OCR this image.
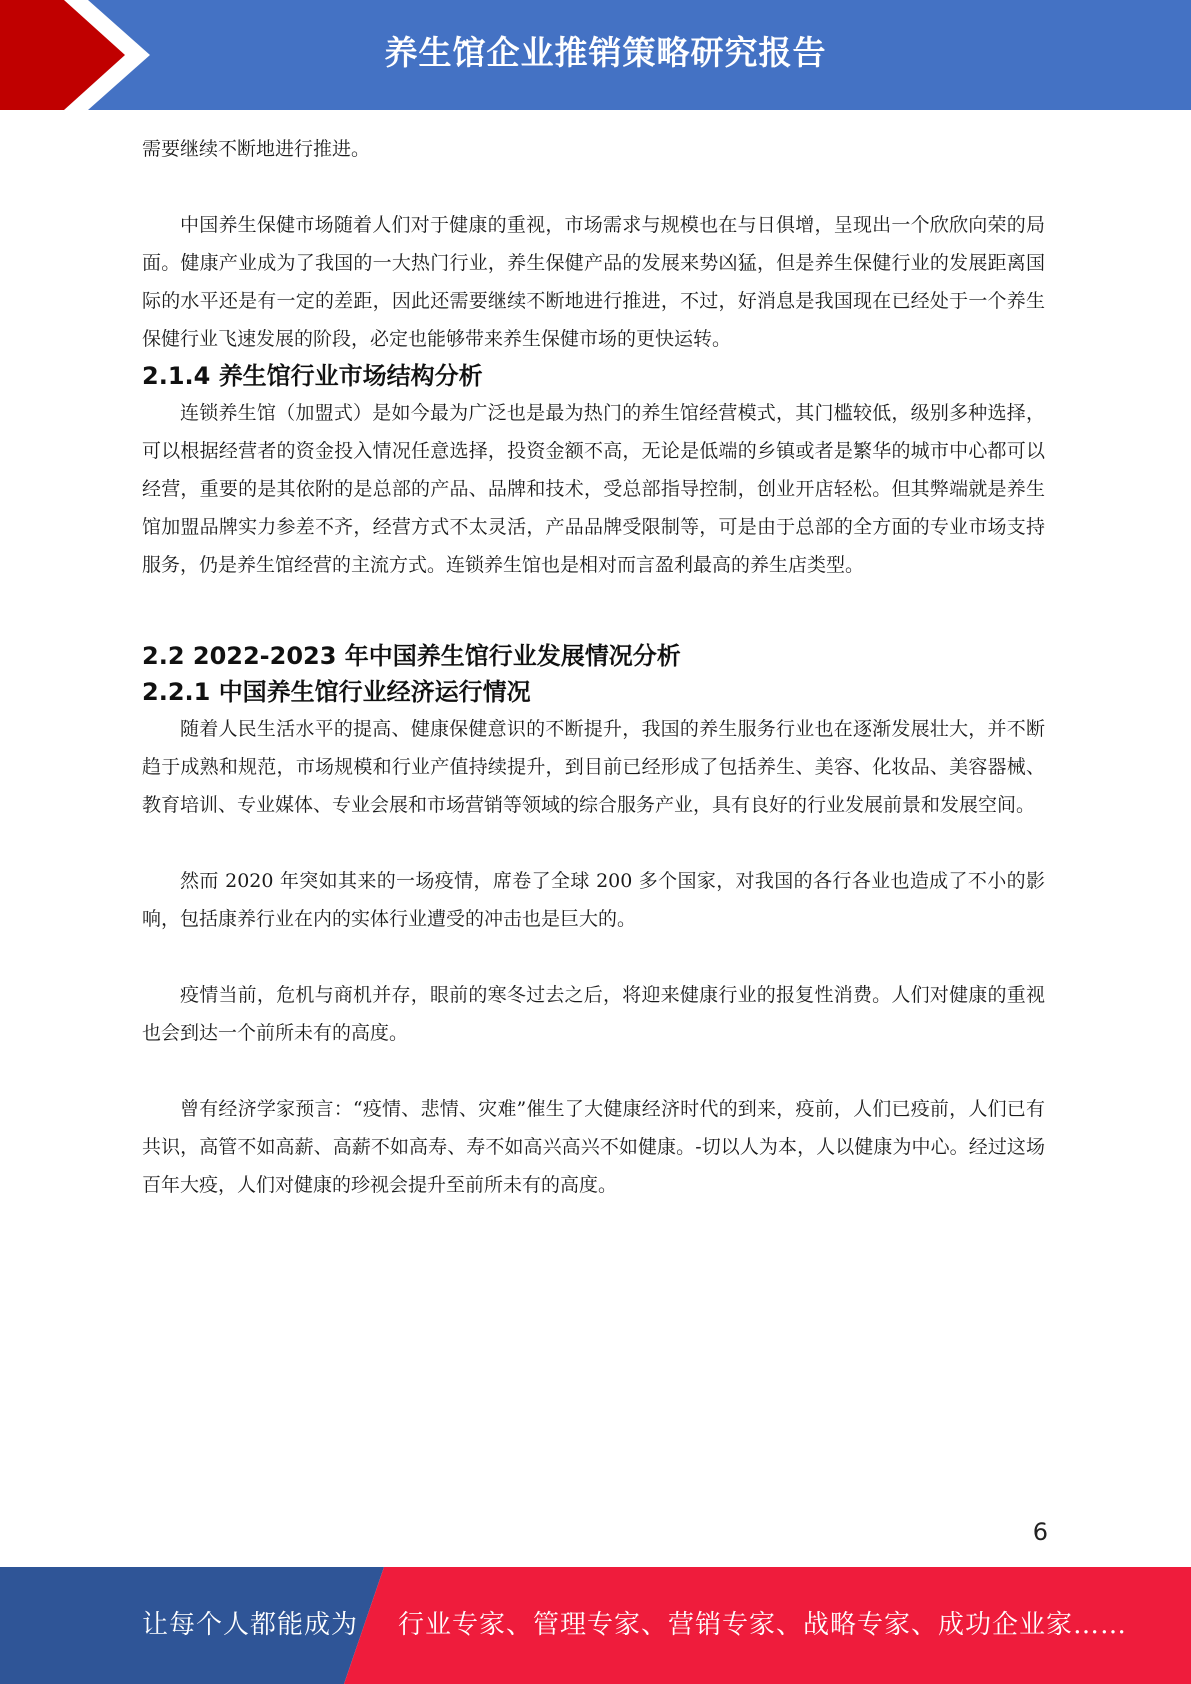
养生馆企业推销策略研究报告

需要继续不断地进行推进。

中国养生保健市场随着人们对于健康的重视，市场需求与规模也在与日俱增，呈现出一个欣欣向荣的局面。健康产业成为了我国的一大热门行业，养生保健产品的发展来势凶猛，但是养生保健行业的发展距离国际的水平还是有一定的差距，因此还需要继续不断地进行推进，不过，好消息是我国现在已经处于一个养生保健行业飞速发展的阶段，必定也能够带来养生保健市场的更快运转。

2.1.4 养生馆行业市场结构分析

连锁养生馆（加盟式）是如今最为广泛也是最为热门的养生馆经营模式，其门槛较低，级别多种选择，可以根据经营者的资金投入情况任意选择，投资金额不高，无论是低端的乡镇或者是繁华的城市中心都可以经营，重要的是其依附的是总部的产品、品牌和技术，受总部指导控制，创业开店轻松。但其弊端就是养生馆加盟品牌实力参差不齐，经营方式不太灵活，产品品牌受限制等，可是由于总部的全方面的专业市场支持服务，仍是养生馆经营的主流方式。连锁养生馆也是相对而言盈利最高的养生店类型。

2.2 2022-2023 年中国养生馆行业发展情况分析
2.2.1 中国养生馆行业经济运行情况

随着人民生活水平的提高、健康保健意识的不断提升，我国的养生服务行业也在逐渐发展壮大，并不断趋于成熟和规范，市场规模和行业产值持续提升，到目前已经形成了包括养生、美容、化妆品、美容器械、教育培训、专业媒体、专业会展和市场营销等领域的综合服务产业，具有良好的行业发展前景和发展空间。

然而 2020 年突如其来的一场疫情，席卷了全球 200 多个国家，对我国的各行各业也造成了不小的影响，包括康养行业在内的实体行业遭受的冲击也是巨大的。

疫情当前，危机与商机并存，眼前的寒冬过去之后，将迎来健康行业的报复性消费。人们对健康的重视也会到达一个前所未有的高度。

曾有经济学家预言：“疫情、悲情、灾难”催生了大健康经济时代的到来，疫前，人们已疫前，人们已有共识，高管不如高薪、高薪不如高寿、寿不如高兴高兴不如健康。-切以人为本，人以健康为中心。经过这场百年大疫，人们对健康的珍视会提升至前所未有的高度。

6
让每个人都能成为 行业专家、管理专家、营销专家、战略专家、成功企业家……
